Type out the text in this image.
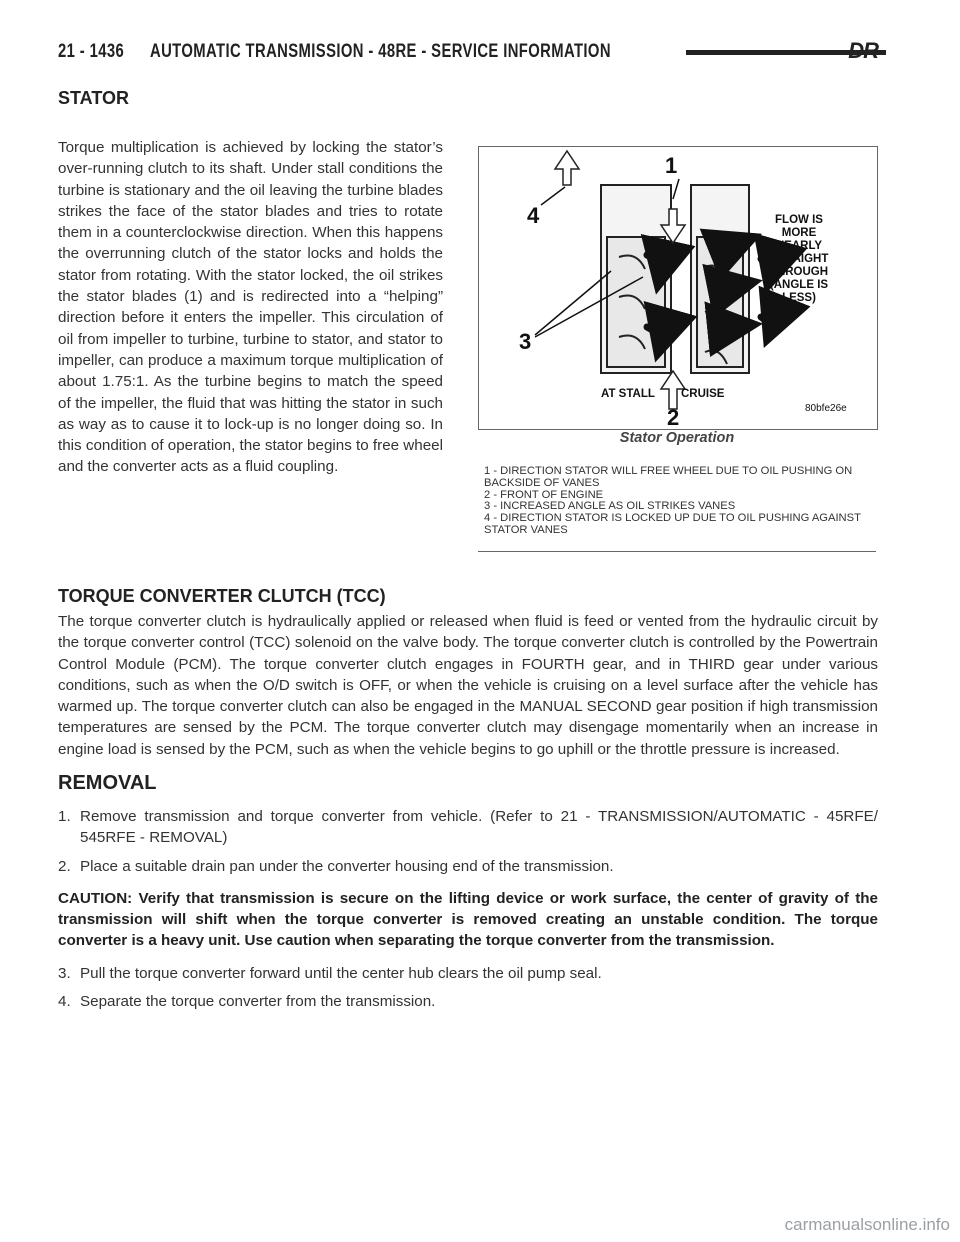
21 - 1436 AUTOMATIC TRANSMISSION - 48RE - SERVICE INFORMATION	DR
STATOR

Torque multiplication is achieved by locking the stator’s over-running clutch to its shaft. Under stall conditions the turbine is stationary and the oil leaving the turbine blades strikes the face of the stator blades and tries to rotate them in a counterclockwise direction. When this happens the overrunning clutch of the stator locks and holds the stator from rotating. With the stator locked, the oil strikes the stator blades (1) and is redirected into a “helping” direction before it enters the impeller. This circulation of oil from impeller to turbine, turbine to stator, and stator to impeller, can produce a maximum torque multiplication of about 1.75:1. As the turbine begins to match the speed of the impeller, the fluid that was hitting the stator in such as way as to cause it to lock-up is no longer doing so. In this condition of operation, the stator begins to free wheel and the converter acts as a fluid coupling.

1
4
3
2
FLOW IS
MORE
NEARLY
STRAIGHT
THROUGH
(ANGLE IS
LESS)
AT STALL CRUISE
80bfe26e
Stator Operation
1 - DIRECTION STATOR WILL FREE WHEEL DUE TO OIL PUSHING ON BACKSIDE OF VANES
2 - FRONT OF ENGINE
3 - INCREASED ANGLE AS OIL STRIKES VANES
4 - DIRECTION STATOR IS LOCKED UP DUE TO OIL PUSHING AGAINST STATOR VANES
TORQUE CONVERTER CLUTCH (TCC)

The torque converter clutch is hydraulically applied or released when fluid is feed or vented from the hydraulic circuit by the torque converter control (TCC) solenoid on the valve body. The torque converter clutch is controlled by the Powertrain Control Module (PCM). The torque converter clutch engages in FOURTH gear, and in THIRD gear under various conditions, such as when the O/D switch is OFF, or when the vehicle is cruising on a level surface after the vehicle has warmed up. The torque converter clutch can also be engaged in the MANUAL SECOND gear position if high transmission temperatures are sensed by the PCM. The torque converter clutch may disengage momentarily when an increase in engine load is sensed by the PCM, such as when the vehicle begins to go uphill or the throttle pressure is increased.

REMOVAL
1. Remove transmission and torque converter from vehicle. (Refer to 21 - TRANSMISSION/AUTOMATIC - 45RFE/ 545RFE - REMOVAL)
2. Place a suitable drain pan under the converter housing end of the transmission.
CAUTION: Verify that transmission is secure on the lifting device or work surface, the center of gravity of the transmission will shift when the torque converter is removed creating an unstable condition. The torque converter is a heavy unit. Use caution when separating the torque converter from the transmission.
3. Pull the torque converter forward until the center hub clears the oil pump seal.
4. Separate the torque converter from the transmission.
carmanualsonline.info
